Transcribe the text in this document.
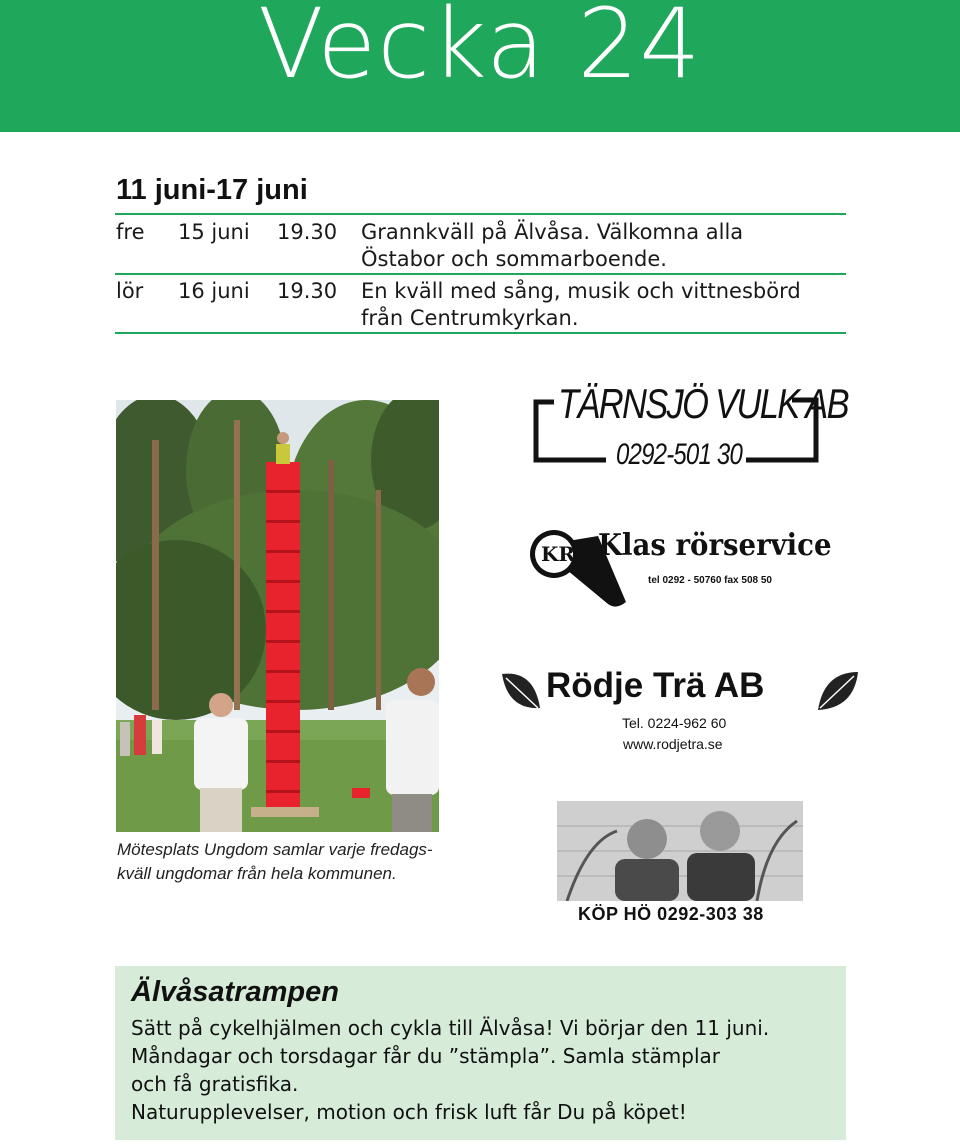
Vecka 24
11 juni-17 juni
fre 15 juni 19.30 Grannkväll på Älvåsa. Välkomna alla
Östabor och sommarboende.
lör 16 juni 19.30 En kväll med sång, musik och vittnesbörd
från Centrumkyrkan.
Mötesplats Ungdom samlar varje fredags-
kväll ungdomar från hela kommunen.
TÄRNSJÖ VULK AB
0292-501 30
KRS Klas rörservice
tel 0292 - 50760 fax 508 50
Rödje Trä AB
Tel. 0224-962 60
www.rodjetra.se
KÖP HÖ 0292-303 38
Älvåsatrampen
Sätt på cykelhjälmen och cykla till Älvåsa! Vi börjar den 11 juni.
Måndagar och torsdagar får du ”stämpla”. Samla stämplar
och få gratisfika.
Naturupplevelser, motion och frisk luft får Du på köpet!
